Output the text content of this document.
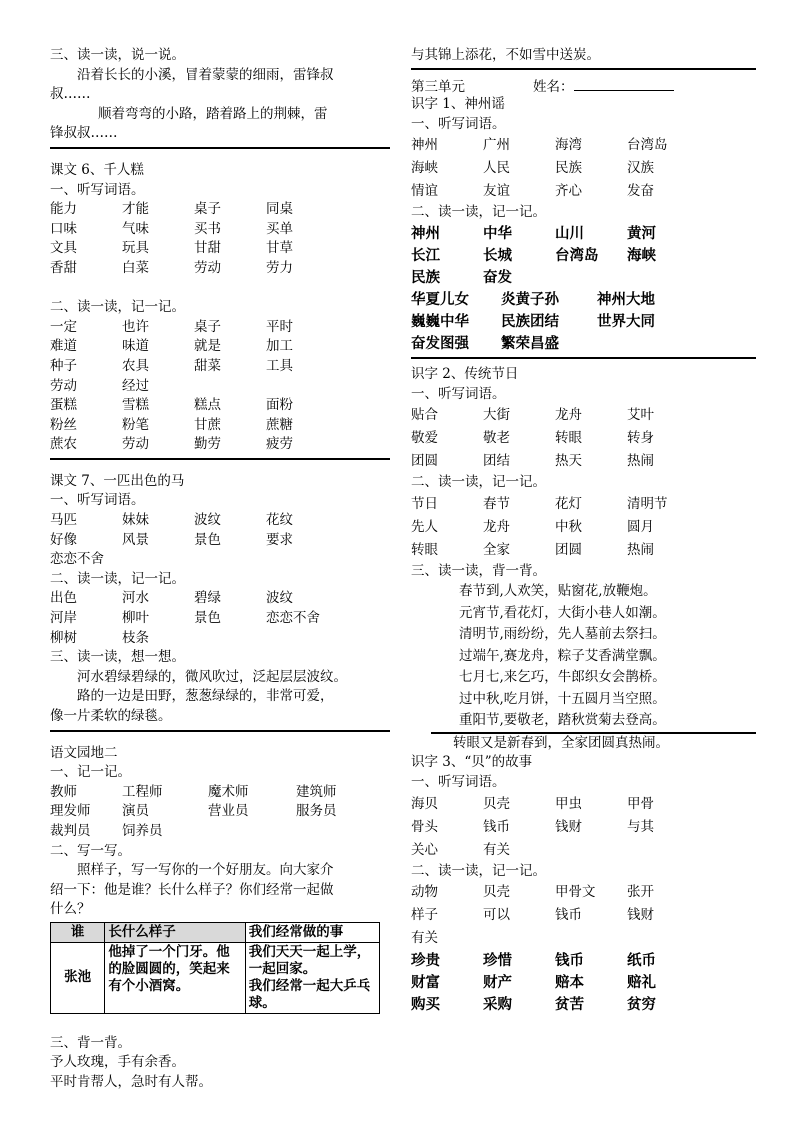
三、读一读，说一说。
沿着长长的小溪，冒着蒙蒙的细雨，雷锋叔
叔……
顺着弯弯的小路，踏着路上的荆棘，雷
锋叔叔……
课文 6、千人糕
一、听写词语。
能力	才能	桌子	同桌
口味	气味	买书	买单
文具	玩具	甘甜	甘草
香甜	白菜	劳动	劳力
二、读一读，记一记。
一定	也许	桌子	平时
难道	味道	就是	加工
种子	农具	甜菜	工具
劳动	经过
蛋糕	雪糕	糕点	面粉
粉丝	粉笔	甘蔗	蔗糖
蔗农	劳动	勤劳	疲劳
课文 7、一匹出色的马
一、听写词语。
马匹	妹妹	波纹	花纹
好像	风景	景色	要求
恋恋不舍
二、读一读，记一记。
出色	河水	碧绿	波纹
河岸	柳叶	景色	恋恋不舍
柳树	枝条
三、读一读，想一想。
河水碧绿碧绿的，微风吹过，泛起层层波纹。
路的一边是田野，葱葱绿绿的，非常可爱，
像一片柔软的绿毯。
语文园地二
一、记一记。
教师	工程师	魔术师	建筑师
理发师	演员	营业员	服务员
裁判员	饲养员
二、写一写。
照样子，写一写你的一个好朋友。向大家介
绍一下：他是谁？长什么样子？你们经常一起做
什么？
谁	长什么样子	我们经常做的事
张池	他掉了一个门牙。他的脸圆圆的，笑起来有个小酒窝。	我们天天一起上学，一起回家。
我们经常一起大乒乓球。
三、背一背。
予人玫瑰，手有余香。
平时肯帮人，急时有人帮。
与其锦上添花，不如雪中送炭。
第三单元	姓名：
识字 1、神州谣
一、听写词语。
神州	广州	海湾	台湾岛
海峡	人民	民族	汉族
情谊	友谊	齐心	发奋
二、读一读，记一记。
神州	中华	山川	黄河
长江	长城	台湾岛	海峡
民族	奋发
华夏儿女	炎黄子孙	神州大地
巍巍中华	民族团结	世界大同
奋发图强	繁荣昌盛
识字 2、传统节日
一、听写词语。
贴合	大街	龙舟	艾叶
敬爱	敬老	转眼	转身
团圆	团结	热天	热闹
二、读一读，记一记。
节日	春节	花灯	清明节
先人	龙舟	中秋	圆月
转眼	全家	团圆	热闹
三、读一读，背一背。
春节到,人欢笑，贴窗花,放鞭炮。
元宵节,看花灯，大街小巷人如潮。
清明节,雨纷纷，先人墓前去祭扫。
过端午,赛龙舟，粽子艾香满堂飘。
七月七,来乞巧，牛郎织女会鹊桥。
过中秋,吃月饼，十五圆月当空照。
重阳节,要敬老，踏秋赏菊去登高。
转眼又是新春到，全家团圆真热闹。
识字 3、“贝”的故事
一、听写词语。
海贝	贝壳	甲虫	甲骨
骨头	钱币	钱财	与其
关心	有关
二、读一读，记一记。
动物	贝壳	甲骨文	张开
样子	可以	钱币	钱财
有关
珍贵	珍惜	钱币	纸币
财富	财产	赔本	赔礼
购买	采购	贫苦	贫穷
